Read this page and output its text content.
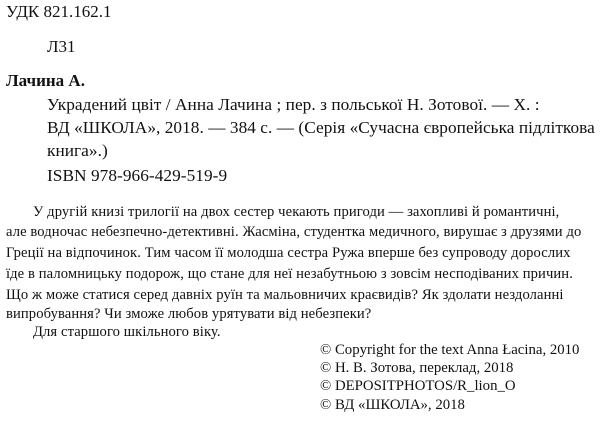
УДК 821.162.1
Л31
Лачина А.
Украдений цвіт / Анна Лачина ; пер. з польської Н. Зотової. — Х. :
ВД «ШКОЛА», 2018. — 384 с. — (Серія «Сучасна європейська підліткова
книга».)
ISBN 978-966-429-519-9
У другій книзі трилогії на двох сестер чекають пригоди — захопливі й романтичні,
але водночас небезпечно-детективні. Жасміна, студентка медичного, вирушає з друзями до
Греції на відпочинок. Тим часом її молодша сестра Ружа вперше без супроводу дорослих
їде в паломницьку подорож, що стане для неї незабутньою з зовсім несподіваних причин.
Що ж може статися серед давніх руїн та мальовничих краєвидів? Як здолати нездоланні
випробування? Чи зможе любов урятувати від небезпеки?
Для старшого шкільного віку.
© Copyright for the text Anna Łacina, 2010
© Н. В. Зотова, переклад, 2018
© DEPOSITPHOTOS/R_lion_O
© ВД «ШКОЛА», 2018
